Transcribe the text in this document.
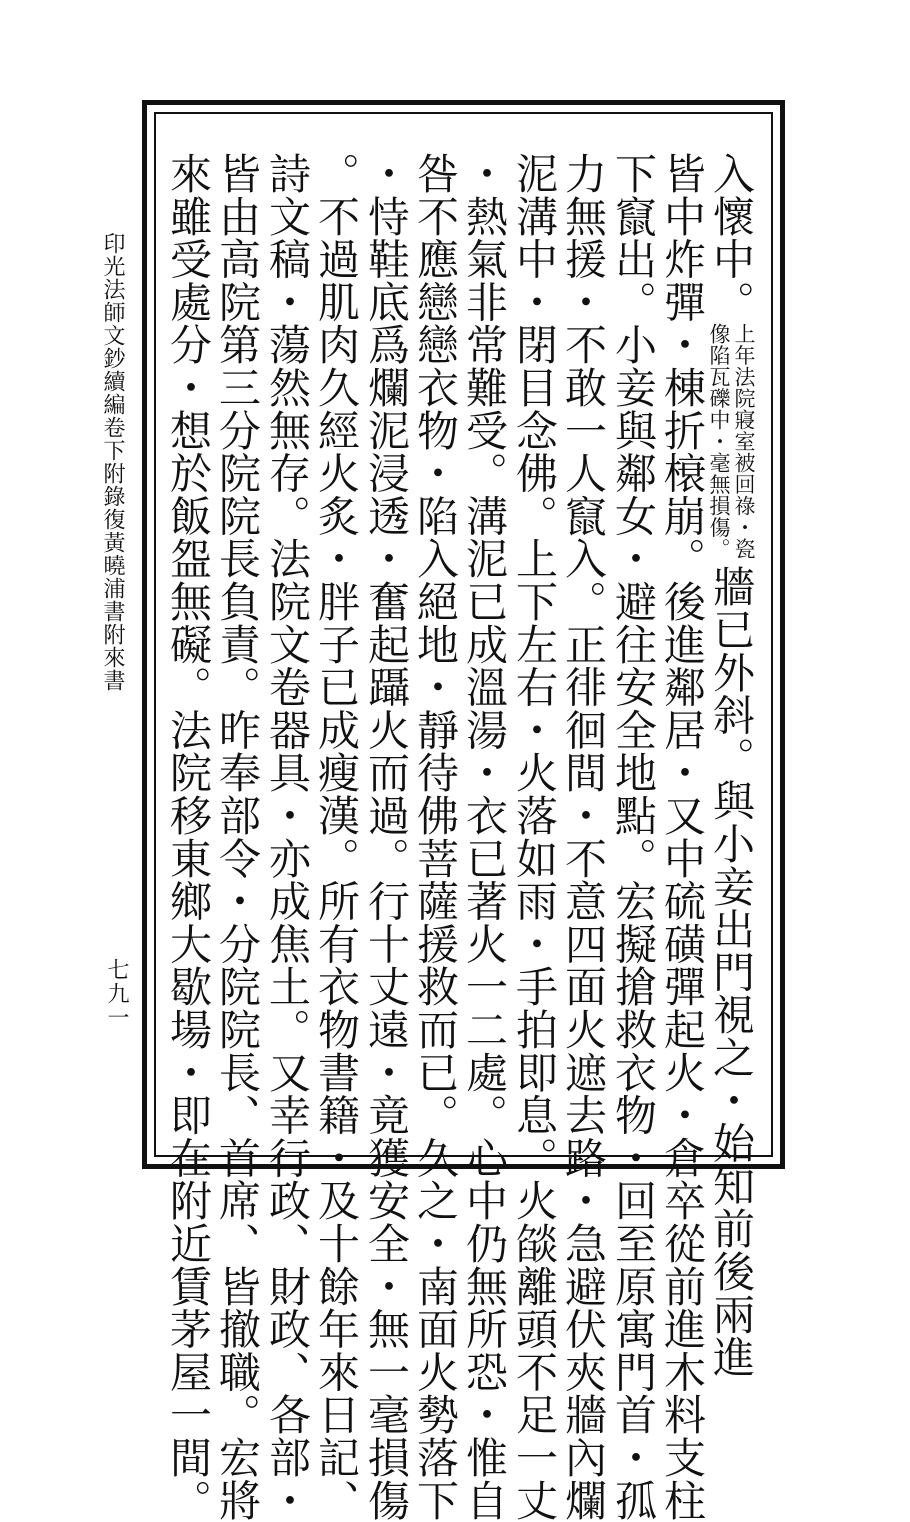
印光法師文鈔續編卷下附錄復黃曉浦書附來書
七九一
入懷中。上年法院寢室被回祿・瓷像陷瓦礫中・毫無損傷。牆已外斜。與小妾出門視之・始知前後兩進
皆中炸彈・棟折榱崩。後進鄰居・又中硫磺彈起火・倉卒從前進木料支柱
下竄出。小妾與鄰女・避往安全地點。宏擬搶救衣物・回至原寓門首・孤
力無援・不敢一人竄入。正徘徊間・不意四面火遮去路・急避伏夾牆內爛
泥溝中・閉目念佛。上下左右・火落如雨・手拍即息。火燄離頭不足一丈
・熱氣非常難受。溝泥已成溫湯・衣已著火一二處。心中仍無所恐・惟自
咎不應戀戀衣物・陷入絕地・靜待佛菩薩援救而已。久之・南面火勢落下
・恃鞋底爲爛泥浸透・奮起躡火而過。行十丈遠・竟獲安全・無一毫損傷
。不過肌肉久經火炙・胖子已成瘦漢。所有衣物書籍・及十餘年來日記、
詩文稿・蕩然無存。法院文卷器具・亦成焦土。又幸行政、財政、各部・
皆由高院第三分院院長負責。昨奉部令・分院院長、首席、皆撤職。宏將
來雖受處分・想於飯盌無礙。法院移東鄉大歇場・即在附近賃茅屋一間。
